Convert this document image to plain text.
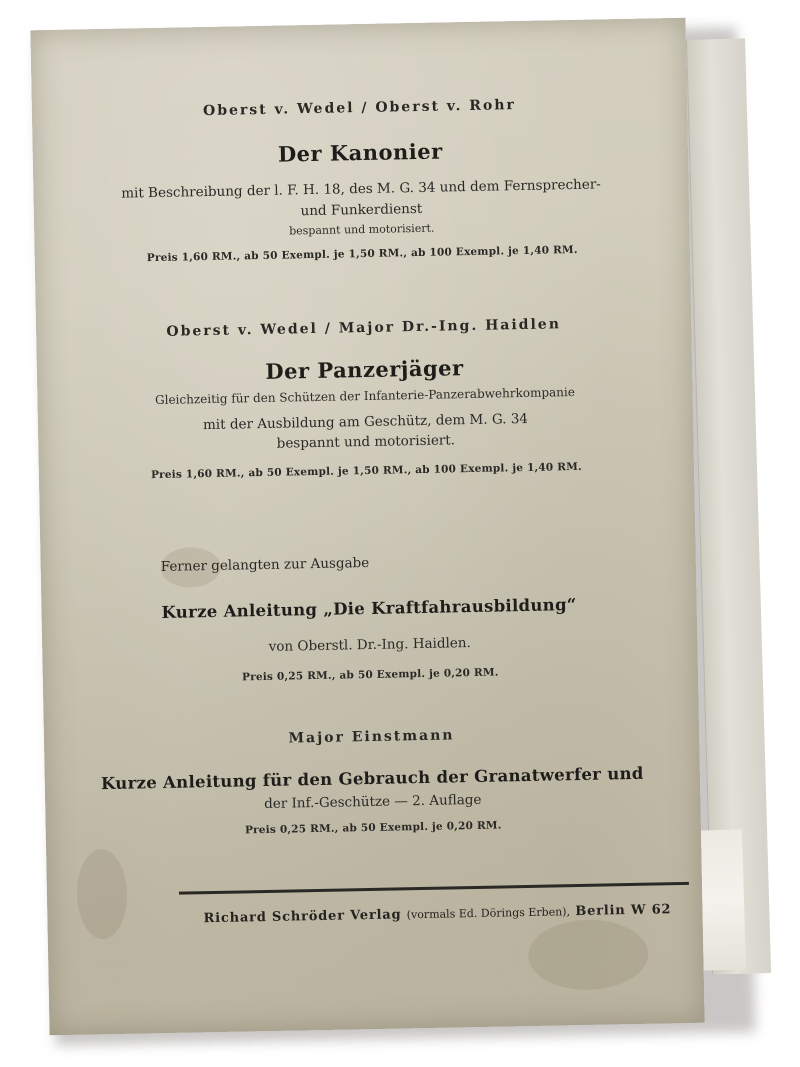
Oberst v. Wedel / Oberst v. Rohr
Der Kanonier
mit Beschreibung der l. F. H. 18, des M. G. 34 und dem Fernsprecher-
und Funkerdienst
bespannt und motorisiert.
Preis 1,60 RM., ab 50 Exempl. je 1,50 RM., ab 100 Exempl. je 1,40 RM.
Oberst v. Wedel / Major Dr.-Ing. Haidlen
Der Panzerjäger
Gleichzeitig für den Schützen der Infanterie-Panzerabwehrkompanie
mit der Ausbildung am Geschütz, dem M. G. 34
bespannt und motorisiert.
Preis 1,60 RM., ab 50 Exempl. je 1,50 RM., ab 100 Exempl. je 1,40 RM.
Ferner gelangten zur Ausgabe
Kurze Anleitung „Die Kraftfahrausbildung“
von Oberstl. Dr.-Ing. Haidlen.
Preis 0,25 RM., ab 50 Exempl. je 0,20 RM.
Major Einstmann
Kurze Anleitung für den Gebrauch der Granatwerfer und
der Inf.-Geschütze — 2. Auflage
Preis 0,25 RM., ab 50 Exempl. je 0,20 RM.
Richard Schröder Verlag (vormals Ed. Dörings Erben), Berlin W 62
